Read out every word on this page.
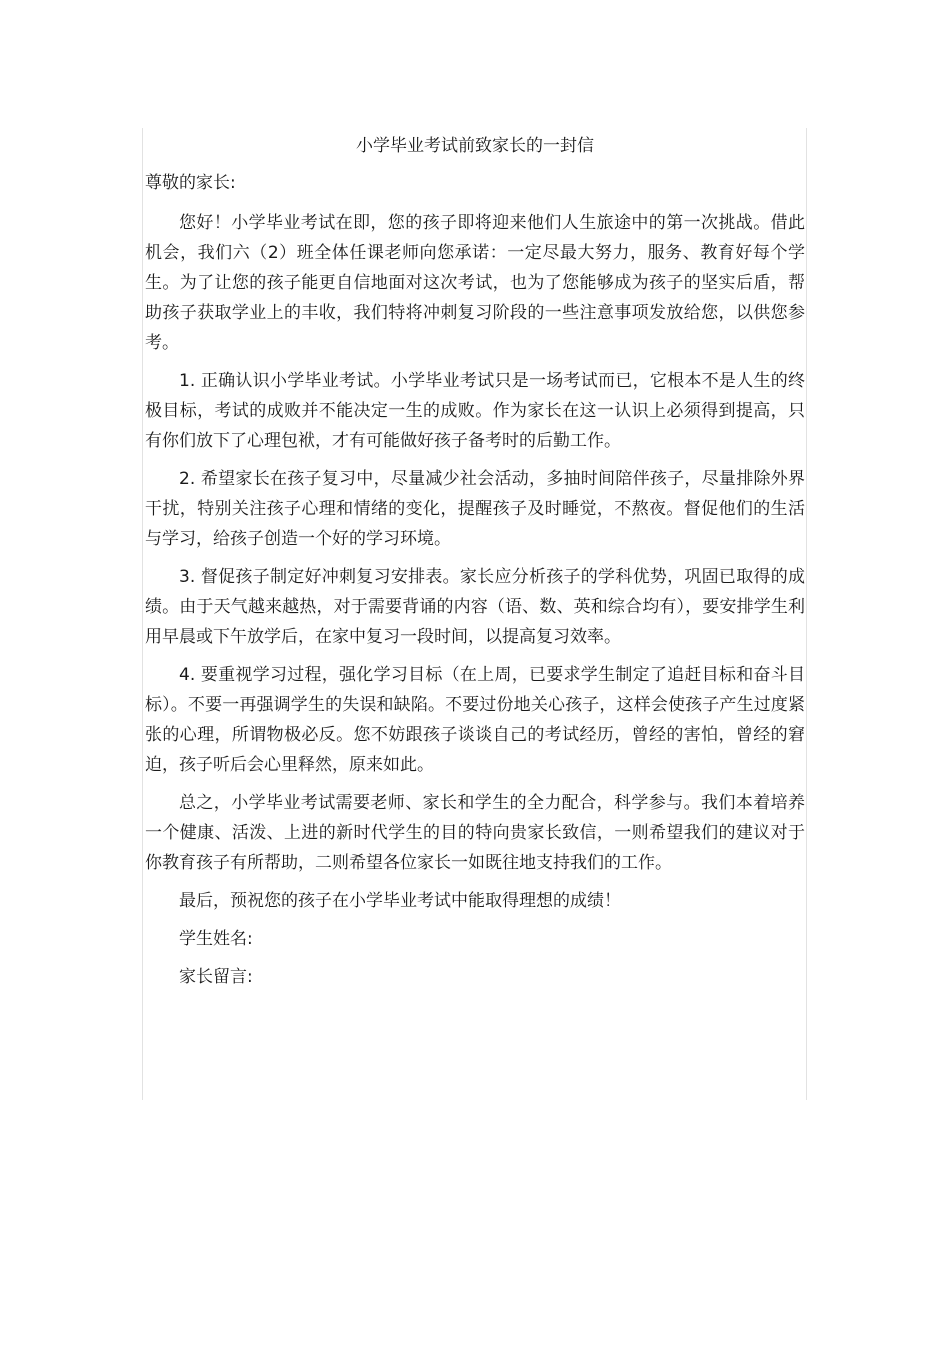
小学毕业考试前致家长的一封信
尊敬的家长:

您好！小学毕业考试在即，您的孩子即将迎来他们人生旅途中的第一次挑战。借此机会，我们六（2）班全体任课老师向您承诺：一定尽最大努力，服务、教育好每个学生。为了让您的孩子能更自信地面对这次考试，也为了您能够成为孩子的坚实后盾，帮助孩子获取学业上的丰收，我们特将冲刺复习阶段的一些注意事项发放给您，以供您参考。

1. 正确认识小学毕业考试。小学毕业考试只是一场考试而已，它根本不是人生的终极目标，考试的成败并不能决定一生的成败。作为家长在这一认识上必须得到提高，只有你们放下了心理包袱，才有可能做好孩子备考时的后勤工作。

2. 希望家长在孩子复习中，尽量减少社会活动，多抽时间陪伴孩子，尽量排除外界干扰，特别关注孩子心理和情绪的变化，提醒孩子及时睡觉，不熬夜。督促他们的生活与学习，给孩子创造一个好的学习环境。

3. 督促孩子制定好冲刺复习安排表。家长应分析孩子的学科优势，巩固已取得的成绩。由于天气越来越热，对于需要背诵的内容（语、数、英和综合均有），要安排学生利用早晨或下午放学后，在家中复习一段时间，以提高复习效率。

4. 要重视学习过程，强化学习目标（在上周，已要求学生制定了追赶目标和奋斗目标）。不要一再强调学生的失误和缺陷。不要过份地关心孩子，这样会使孩子产生过度紧张的心理，所谓物极必反。您不妨跟孩子谈谈自己的考试经历，曾经的害怕，曾经的窘迫，孩子听后会心里释然，原来如此。

总之，小学毕业考试需要老师、家长和学生的全力配合，科学参与。我们本着培养一个健康、活泼、上进的新时代学生的目的特向贵家长致信，一则希望我们的建议对于你教育孩子有所帮助，二则希望各位家长一如既往地支持我们的工作。

最后，预祝您的孩子在小学毕业考试中能取得理想的成绩！

学生姓名:

家长留言:
